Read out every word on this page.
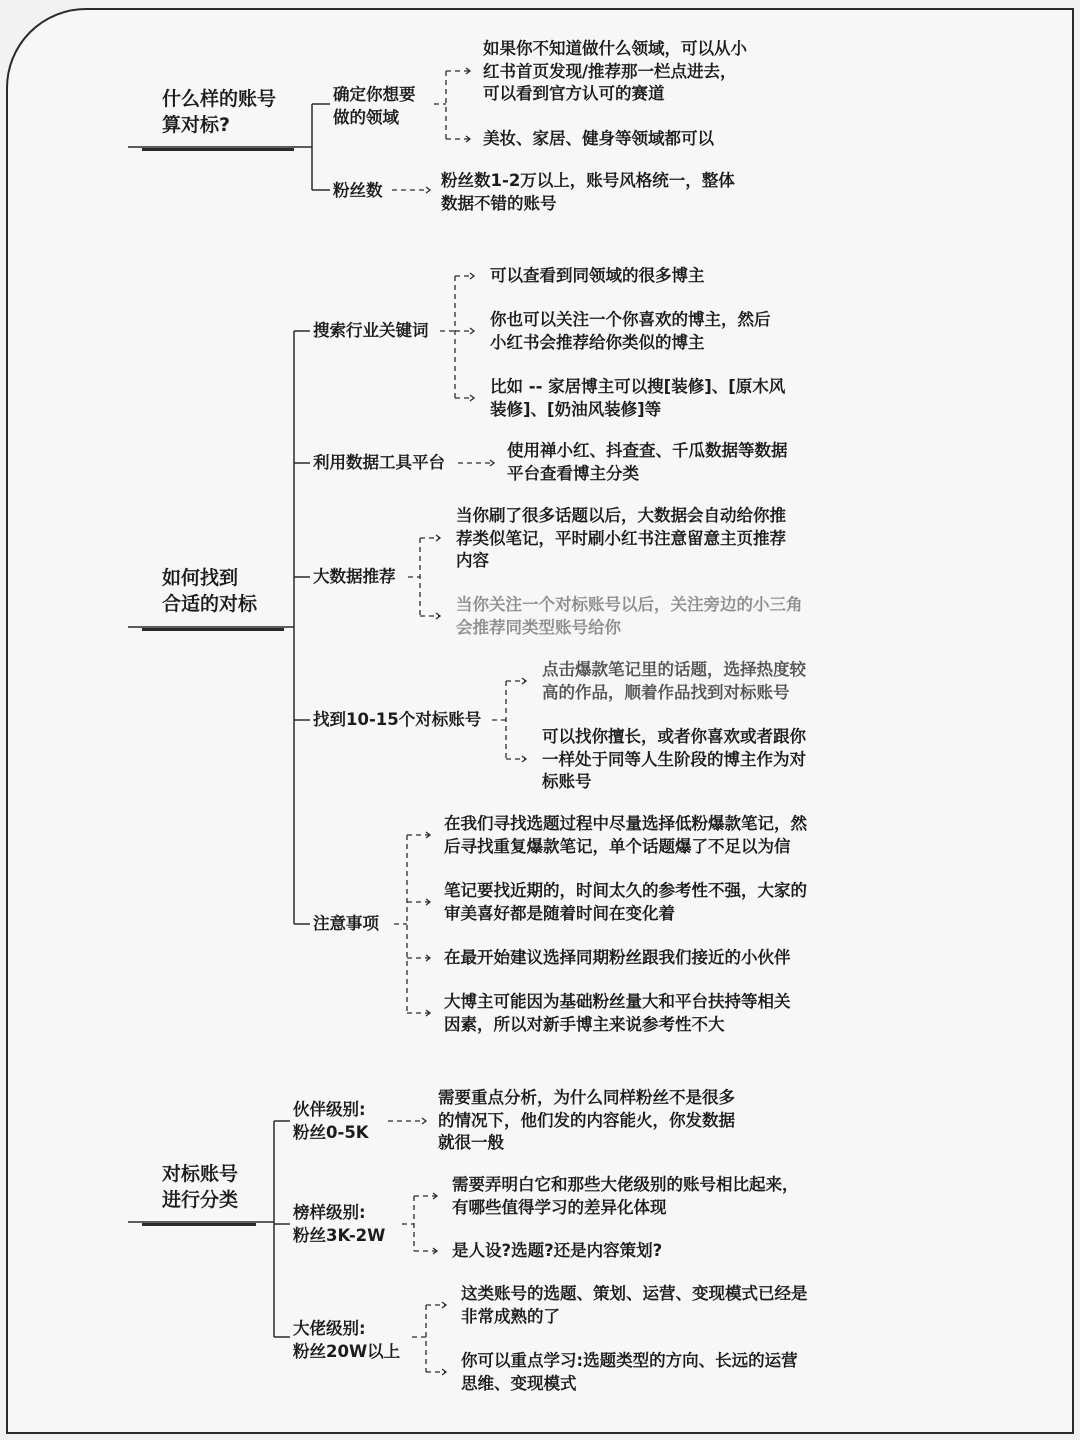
什么样的账号
算对标?
确定你想要
做的领域
如果你不知道做什么领域，可以从小
红书首页发现/推荐那一栏点进去，
可以看到官方认可的赛道
美妆、家居、健身等领域都可以
粉丝数
粉丝数1-2万以上，账号风格统一，整体
数据不错的账号
如何找到
合适的对标
搜索行业关键词
可以查看到同领域的很多博主
你也可以关注一个你喜欢的博主，然后
小红书会推荐给你类似的博主
比如 -- 家居博主可以搜[装修]、[原木风
装修]、[奶油风装修]等
利用数据工具平台
使用禅小红、抖查查、千瓜数据等数据
平台查看博主分类
大数据推荐
当你刷了很多话题以后，大数据会自动给你推
荐类似笔记，平时刷小红书注意留意主页推荐
内容
当你关注一个对标账号以后，关注旁边的小三角
会推荐同类型账号给你
找到10-15个对标账号
点击爆款笔记里的话题，选择热度较
高的作品，顺着作品找到对标账号
可以找你擅长，或者你喜欢或者跟你
一样处于同等人生阶段的博主作为对
标账号
注意事项
在我们寻找选题过程中尽量选择低粉爆款笔记，然
后寻找重复爆款笔记，单个话题爆了不足以为信
笔记要找近期的，时间太久的参考性不强，大家的
审美喜好都是随着时间在变化着
在最开始建议选择同期粉丝跟我们接近的小伙伴
大博主可能因为基础粉丝量大和平台扶持等相关
因素，所以对新手博主来说参考性不大
对标账号
进行分类
伙伴级别:
粉丝0-5K
需要重点分析，为什么同样粉丝不是很多
的情况下，他们发的内容能火，你发数据
就很一般
榜样级别:
粉丝3K-2W
需要弄明白它和那些大佬级别的账号相比起来，
有哪些值得学习的差异化体现
是人设?选题?还是内容策划?
大佬级别:
粉丝20W以上
这类账号的选题、策划、运营、变现模式已经是
非常成熟的了
你可以重点学习:选题类型的方向、长远的运营
思维、变现模式
